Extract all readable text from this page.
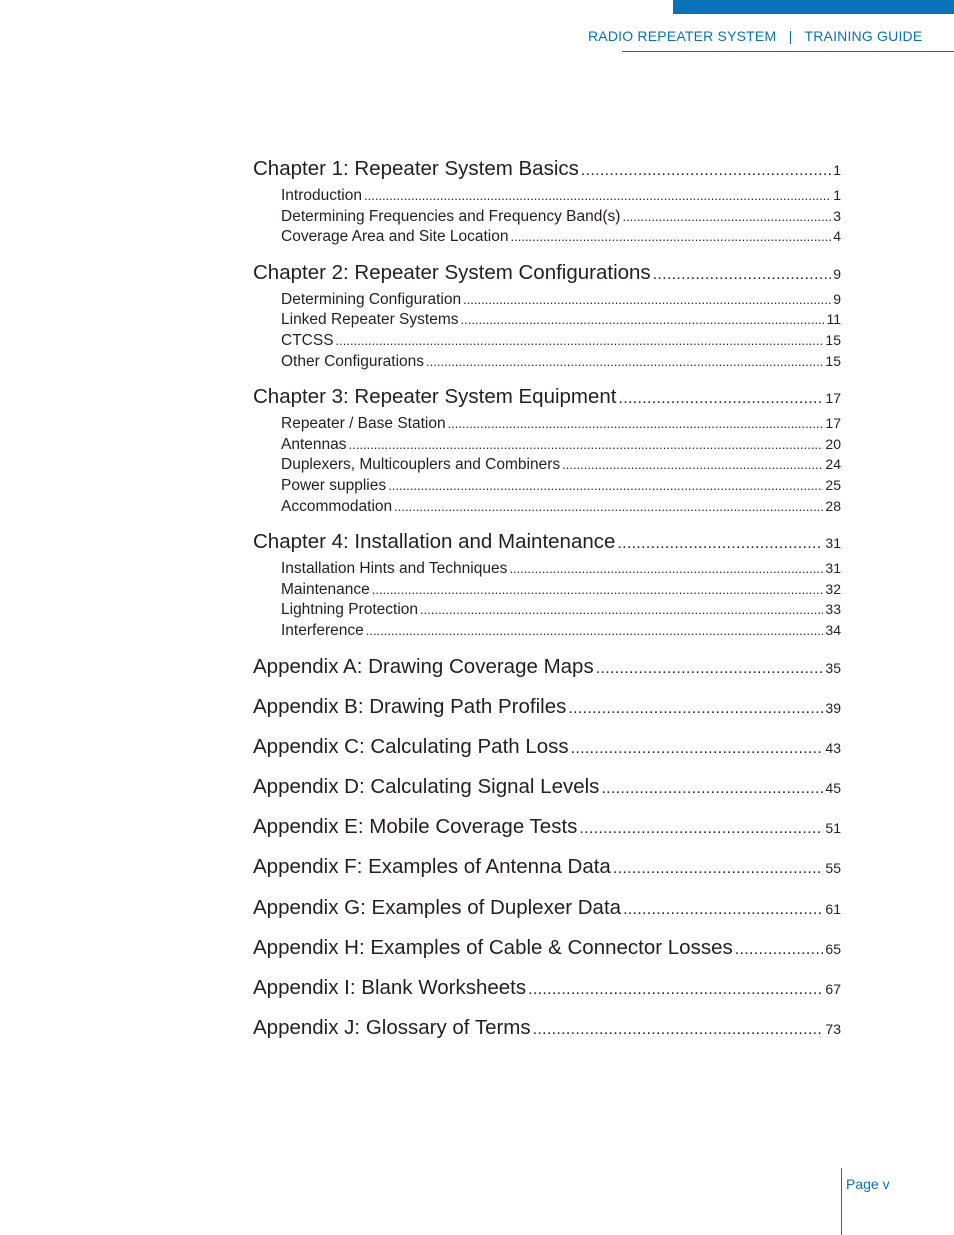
RADIO REPEATER SYSTEM | TRAINING GUIDE
Chapter 1: Repeater System Basics .....	1
Introduction .....	1
Determining Frequencies and Frequency Band(s) .....	3
Coverage Area and Site Location .....	4
Chapter 2: Repeater System Configurations .....	9
Determining Configuration .....	9
Linked Repeater Systems .....	11
CTCSS .....	15
Other Configurations .....	15
Chapter 3: Repeater System Equipment .....	17
Repeater / Base Station .....	17
Antennas .....	20
Duplexers, Multicouplers and Combiners .....	24
Power supplies .....	25
Accommodation .....	28
Chapter 4: Installation and Maintenance .....	31
Installation Hints and Techniques .....	31
Maintenance .....	32
Lightning Protection .....	33
Interference .....	34
Appendix A: Drawing Coverage Maps .....	35
Appendix B: Drawing Path Profiles .....	39
Appendix C: Calculating Path Loss .....	43
Appendix D: Calculating Signal Levels .....	45
Appendix E: Mobile Coverage Tests .....	51
Appendix F: Examples of Antenna Data .....	55
Appendix G: Examples of Duplexer Data .....	61
Appendix H: Examples of Cable & Connector Losses .....	65
Appendix I: Blank Worksheets .....	67
Appendix J: Glossary of Terms .....	73
Page v
